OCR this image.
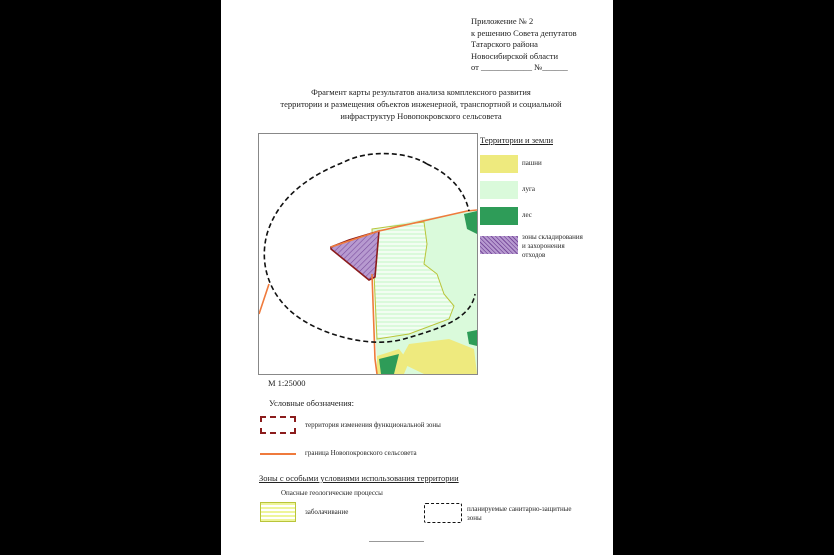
Приложение № 2
к решению Совета депутатов
Татарского района
Новосибирской области
от ____________ №______
Фрагмент карты результатов анализа комплексного развития
территории и размещения объектов инженерной, транспортной и социальной
инфраструктур Новопокровского сельсовета
Территории и земли
пашни
луга
лес
зоны складирования
и захоронения
отходов
М 1:25000
Условные обозначения:
территория изменения функциональной зоны
граница Новопокровского сельсовета
Зоны с особыми условиями использования территории
Опасные геологические процессы
заболачивание	планируемые санитарно-защитные
зоны
